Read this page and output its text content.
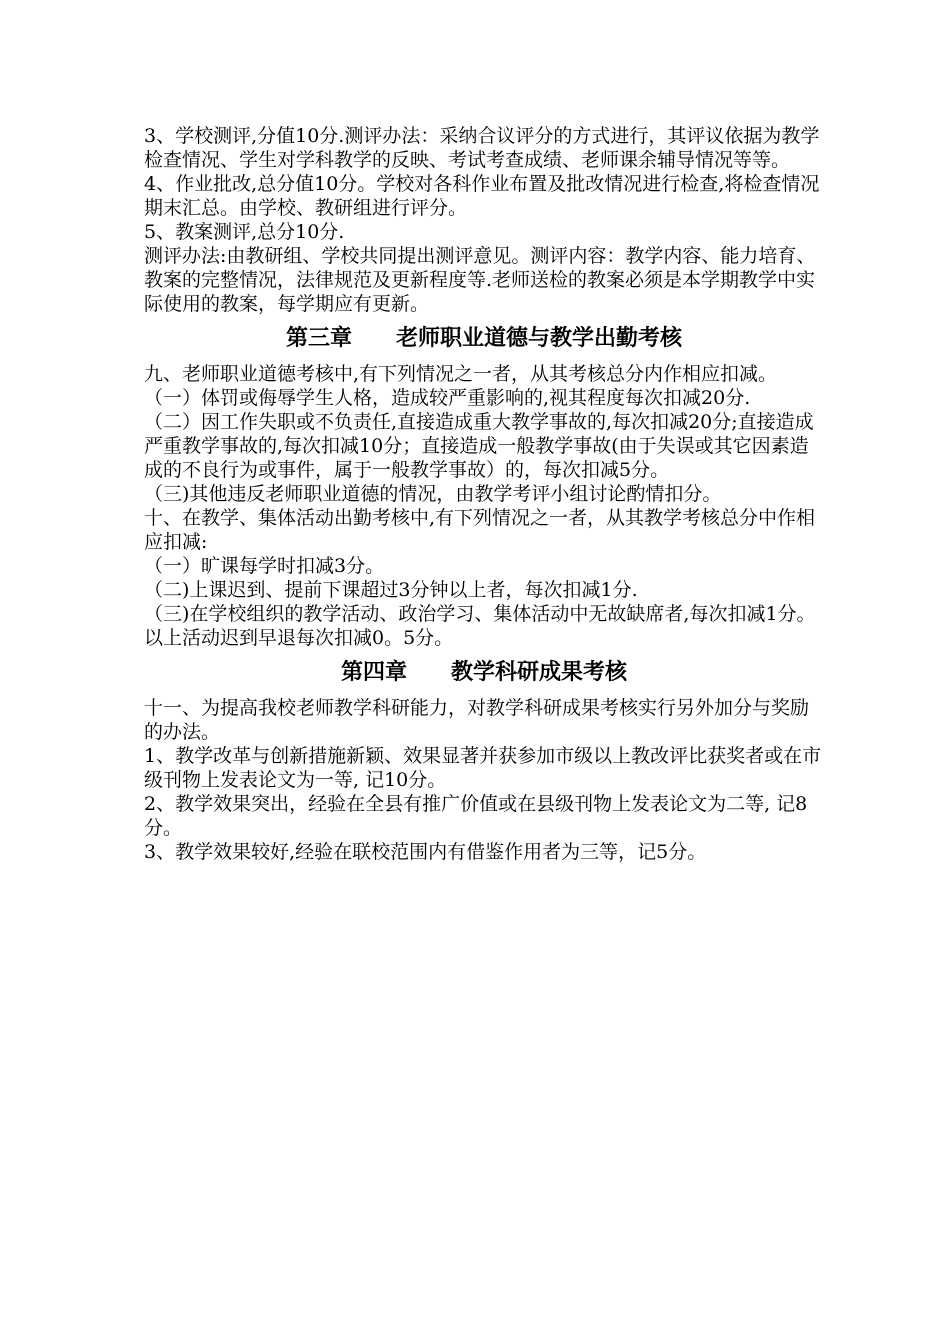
3、学校测评,分值10分.测评办法：采纳合议评分的方式进行，其评议依据为教学检查情况、学生对学科教学的反映、考试考查成绩、老师课余辅导情况等等。

4、作业批改,总分值10分。学校对各科作业布置及批改情况进行检查,将检查情况期末汇总。由学校、教研组进行评分。

5、教案测评,总分10分.

测评办法:由教研组、学校共同提出测评意见。测评内容：教学内容、能力培育、教案的完整情况，法律规范及更新程度等.老师送检的教案必须是本学期教学中实际使用的教案，每学期应有更新。

第三章　　老师职业道德与教学出勤考核

九、老师职业道德考核中,有下列情况之一者，从其考核总分内作相应扣减。

（一）体罚或侮辱学生人格，造成较严重影响的,视其程度每次扣减20分.

（二）因工作失职或不负责任,直接造成重大教学事故的,每次扣减20分;直接造成严重教学事故的,每次扣减10分；直接造成一般教学事故(由于失误或其它因素造成的不良行为或事件，属于一般教学事故）的，每次扣减5分。

（三)其他违反老师职业道德的情况，由教学考评小组讨论酌情扣分。

十、在教学、集体活动出勤考核中,有下列情况之一者，从其教学考核总分中作相应扣减:

（一）旷课每学时扣减3分。

（二)上课迟到、提前下课超过3分钟以上者，每次扣减1分.

（三)在学校组织的教学活动、政治学习、集体活动中无故缺席者,每次扣减1分。以上活动迟到早退每次扣减0。5分。

第四章　　教学科研成果考核

十一、为提高我校老师教学科研能力，对教学科研成果考核实行另外加分与奖励的办法。

1、教学改革与创新措施新颖、效果显著并获参加市级以上教改评比获奖者或在市级刊物上发表论文为一等, 记10分。

2、教学效果突出，经验在全县有推广价值或在县级刊物上发表论文为二等, 记8分。

3、教学效果较好,经验在联校范围内有借鉴作用者为三等，记5分。
